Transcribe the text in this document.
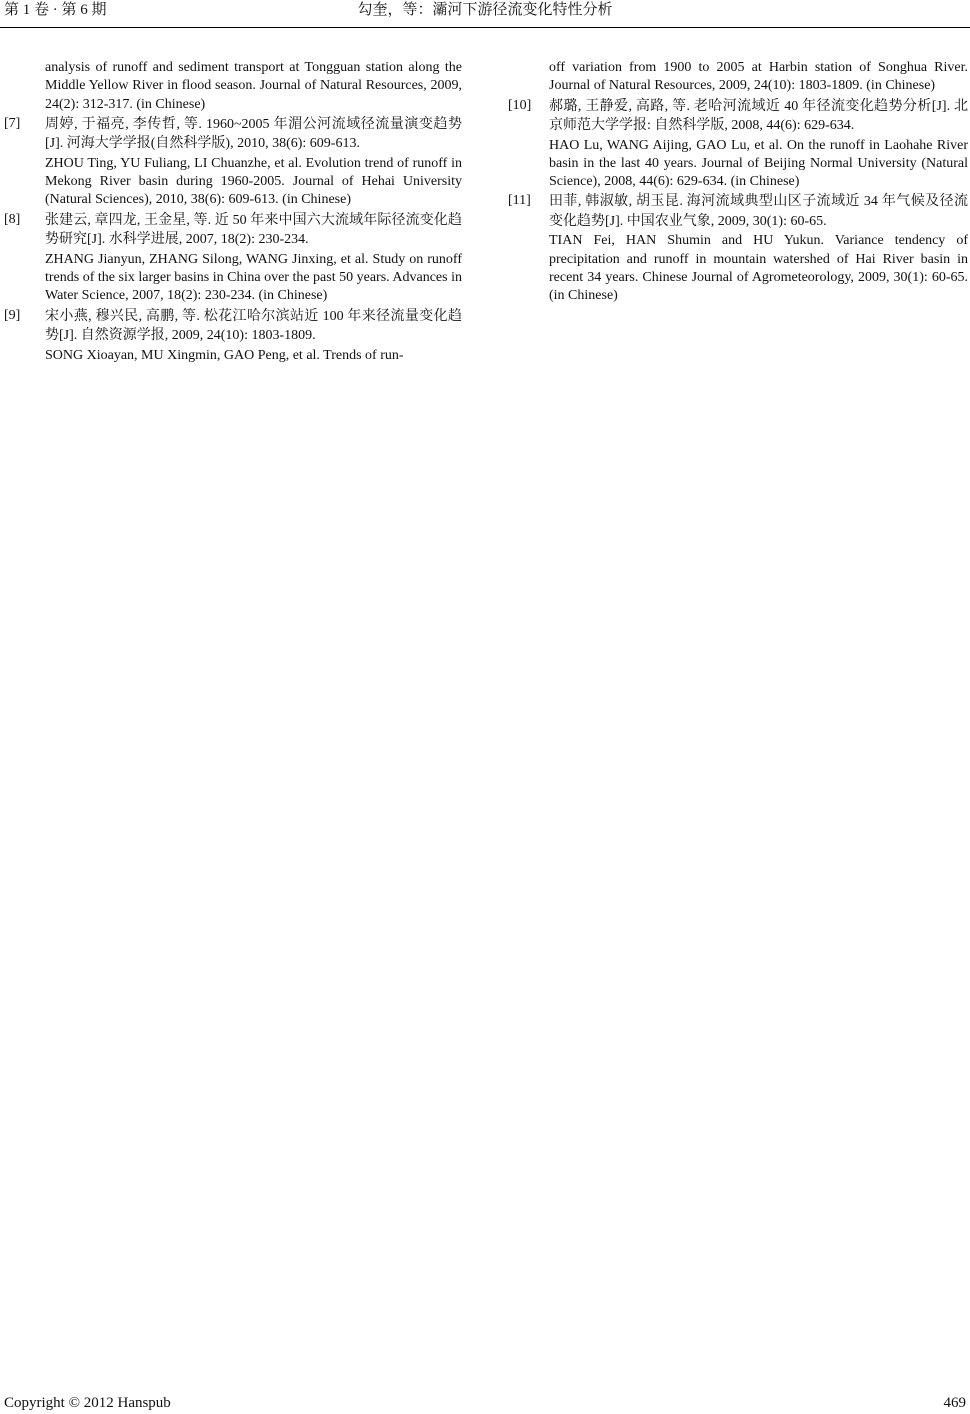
第 1 卷 · 第 6 期	勾奎，等：灞河下游径流变化特性分析

analysis of runoff and sediment transport at Tongguan station along the Middle Yellow River in flood season. Journal of Natural Resources, 2009, 24(2): 312-317. (in Chinese)

[7] 周婷, 于福亮, 李传哲, 等. 1960~2005 年湄公河流域径流量演变趋势[J]. 河海大学学报(自然科学版), 2010, 38(6): 609-613.

ZHOU Ting, YU Fuliang, LI Chuanzhe, et al. Evolution trend of runoff in Mekong River basin during 1960-2005. Journal of Hehai University (Natural Sciences), 2010, 38(6): 609-613. (in Chinese)

[8] 张建云, 章四龙, 王金星, 等. 近 50 年来中国六大流域年际径流变化趋势研究[J]. 水科学进展, 2007, 18(2): 230-234.

ZHANG Jianyun, ZHANG Silong, WANG Jinxing, et al. Study on runoff trends of the six larger basins in China over the past 50 years. Advances in Water Science, 2007, 18(2): 230-234. (in Chinese)

[9] 宋小燕, 穆兴民, 高鹏, 等. 松花江哈尔滨站近 100 年来径流量变化趋势[J]. 自然资源学报, 2009, 24(10): 1803-1809.

SONG Xioayan, MU Xingmin, GAO Peng, et al. Trends of run-

off variation from 1900 to 2005 at Harbin station of Songhua River. Journal of Natural Resources, 2009, 24(10): 1803-1809. (in Chinese)

[10] 郝璐, 王静爱, 高路, 等. 老哈河流域近 40 年径流变化趋势分析[J]. 北京师范大学学报: 自然科学版, 2008, 44(6): 629-634.

HAO Lu, WANG Aijing, GAO Lu, et al. On the runoff in Laohahe River basin in the last 40 years. Journal of Beijing Normal University (Natural Science), 2008, 44(6): 629-634. (in Chinese)

[11] 田菲, 韩淑敏, 胡玉昆. 海河流域典型山区子流域近 34 年气候及径流变化趋势[J]. 中国农业气象, 2009, 30(1): 60-65.

TIAN Fei, HAN Shumin and HU Yukun. Variance tendency of precipitation and runoff in mountain watershed of Hai River basin in recent 34 years. Chinese Journal of Agrometeorology, 2009, 30(1): 60-65. (in Chinese)

Copyright © 2012 Hanspub	469
